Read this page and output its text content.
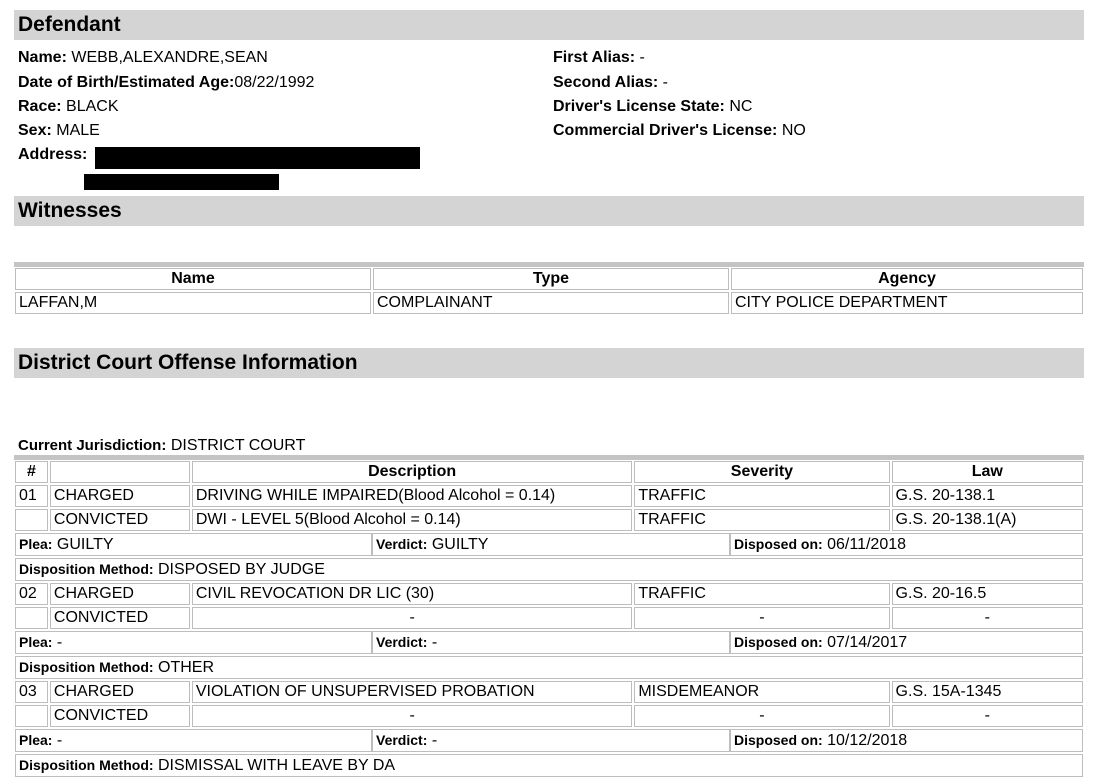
Defendant
Name: WEBB,ALEXANDRE,SEAN
Date of Birth/Estimated Age:08/22/1992
Race: BLACK
Sex: MALE
Address:
First Alias: -
Second Alias: -
Driver's License State: NC
Commercial Driver's License: NO
Witnesses
Name	Type	Agency
LAFFAN,M	COMPLAINANT	CITY POLICE DEPARTMENT
District Court Offense Information
Current Jurisdiction: DISTRICT COURT
#		Description	Severity	Law
01	CHARGED	DRIVING WHILE IMPAIRED(Blood Alcohol = 0.14)	TRAFFIC	G.S. 20-138.1
	CONVICTED	DWI - LEVEL 5(Blood Alcohol = 0.14)	TRAFFIC	G.S. 20-138.1(A)

Plea: GUILTY	Verdict: GUILTY	Disposed on: 06/11/2018

Disposition Method: DISPOSED BY JUDGE
02	CHARGED	CIVIL REVOCATION DR LIC (30)	TRAFFIC	G.S. 20-16.5
	CONVICTED	-	-	-

Plea: -	Verdict: -	Disposed on: 07/14/2017

Disposition Method: OTHER
03	CHARGED	VIOLATION OF UNSUPERVISED PROBATION	MISDEMEANOR	G.S. 15A-1345
	CONVICTED	-	-	-

Plea: -	Verdict: -	Disposed on: 10/12/2018

Disposition Method: DISMISSAL WITH LEAVE BY DA
